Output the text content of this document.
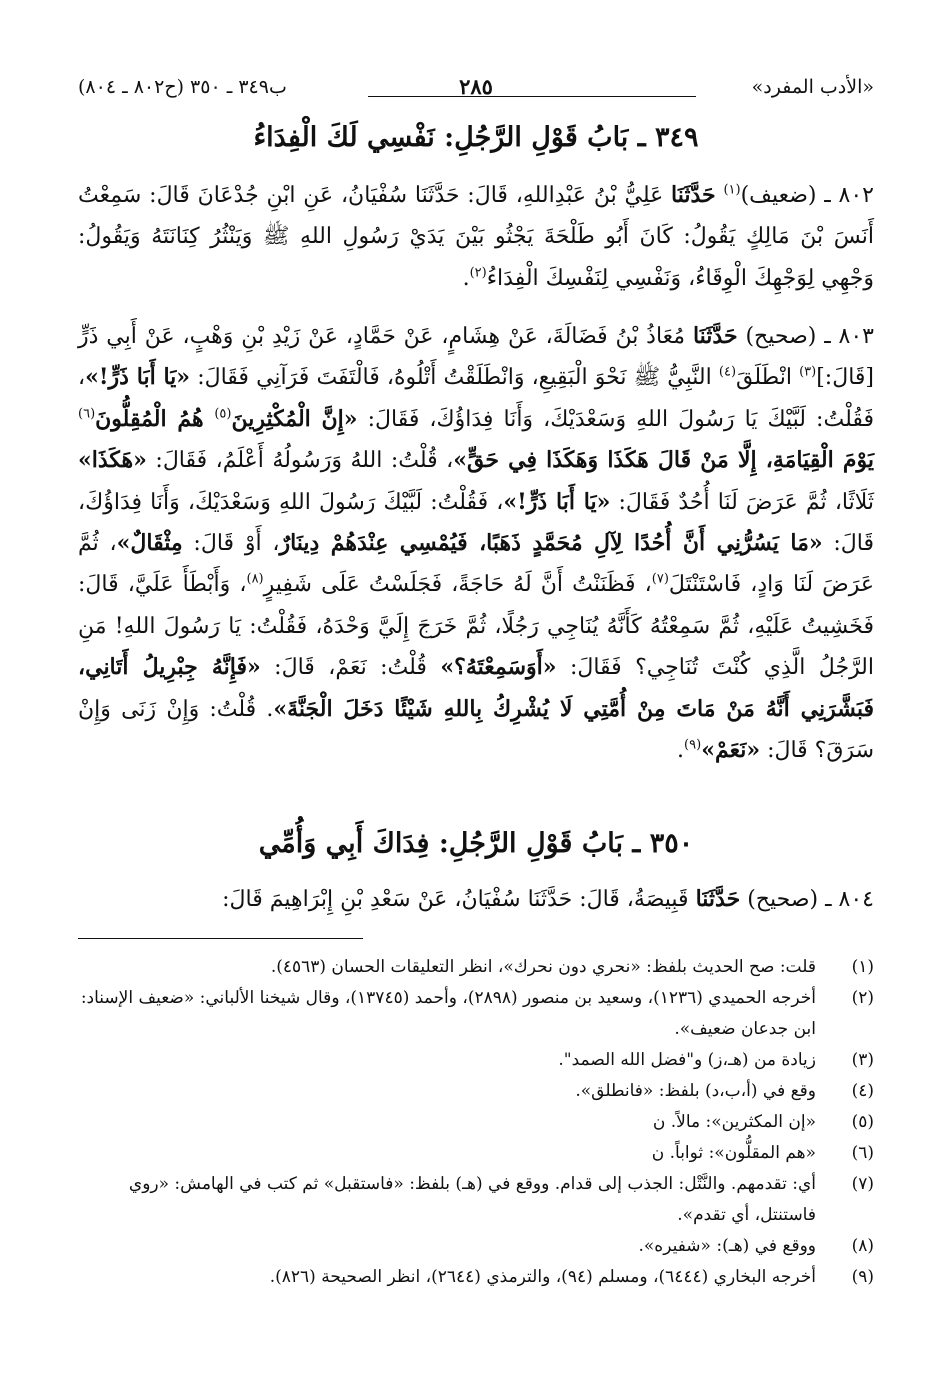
«الأدب المفرد»
٢٨٥
ب٣٤٩ ـ ٣٥٠ (ح٨٠٢ ـ ٨٠٤)
٣٤٩ ـ بَابُ قَوْلِ الرَّجُلِ: نَفْسِي لَكَ الْفِدَاءُ
٨٠٢ ـ (ضعيف)$^{(١)}$ حَدَّثَنَا عَلِيُّ بْنُ عَبْدِاللهِ، قَالَ: حَدَّثَنَا سُفْيَانُ، عَنِ ابْنِ جُدْعَانَ قَالَ: سَمِعْتُ أَنَسَ بْنَ مَالِكٍ يَقُولُ: كَانَ أَبُو طَلْحَةَ يَجْثُو بَيْنَ يَدَيْ رَسُولِ اللهِ ﷺ وَيَنْثُرُ كِنَانَتَهُ وَيَقُولُ: وَجْهِي لِوَجْهِكَ الْوِقَاءُ، وَنَفْسِي لِنَفْسِكَ الْفِدَاءُ$^{(٢)}$.
٨٠٣ ـ (صحيح) حَدَّثَنَا مُعَاذُ بْنُ فَضَالَةَ، عَنْ هِشَامٍ، عَنْ حَمَّادٍ، عَنْ زَيْدِ بْنِ وَهْبٍ، عَنْ أَبِي ذَرٍّ [قَالَ:]$^{(٣)}$ انْطَلَقَ$^{(٤)}$ النَّبِيُّ ﷺ نَحْوَ الْبَقِيعِ، وَانْطَلَقْتُ أَتْلُوهُ، فَالْتَفَتَ فَرَآنِي فَقَالَ: «يَا أَبَا ذَرٍّ!»، فَقُلْتُ: لَبَّيْكَ يَا رَسُولَ اللهِ وَسَعْدَيْكَ، وَأَنَا فِدَاؤُكَ، فَقَالَ: «إِنَّ الْمُكْثِرِينَ$^{(٥)}$ هُمُ الْمُقِلُّونَ$^{(٦)}$ يَوْمَ الْقِيَامَةِ، إِلَّا مَنْ قَالَ هَكَذَا وَهَكَذَا فِي حَقٍّ»، قُلْتُ: اللهُ وَرَسُولُهُ أَعْلَمُ، فَقَالَ: «هَكَذَا» ثَلَاثًا، ثُمَّ عَرَضَ لَنَا أُحُدٌ فَقَالَ: «يَا أَبَا ذَرٍّ!»، فَقُلْتُ: لَبَّيْكَ رَسُولَ اللهِ وَسَعْدَيْكَ، وَأَنَا فِدَاؤُكَ، قَالَ: «مَا يَسُرُّنِي أَنَّ أُحُدًا لِآلِ مُحَمَّدٍ ذَهَبًا، فَيُمْسِي عِنْدَهُمْ دِينَارٌ، أَوْ قَالَ: مِثْقَالٌ»، ثُمَّ عَرَضَ لَنَا وَادٍ، فَاسْتَنْتَلَ$^{(٧)}$، فَظَنَنْتُ أَنَّ لَهُ حَاجَةً، فَجَلَسْتُ عَلَى شَفِيرٍ$^{(٨)}$، وَأَبْطَأَ عَلَيَّ، قَالَ: فَخَشِيتُ عَلَيْهِ، ثُمَّ سَمِعْتُهُ كَأَنَّهُ يُنَاجِي رَجُلًا، ثُمَّ خَرَجَ إِلَيَّ وَحْدَهُ، فَقُلْتُ: يَا رَسُولَ اللهِ! مَنِ الرَّجُلُ الَّذِي كُنْتَ تُنَاجِي؟ فَقَالَ: «أَوَسَمِعْتَهُ؟» قُلْتُ: نَعَمْ، قَالَ: «فَإِنَّهُ جِبْرِيلُ أَتَانِي، فَبَشَّرَنِي أَنَّهُ مَنْ مَاتَ مِنْ أُمَّتِي لَا يُشْرِكُ بِاللهِ شَيْئًا دَخَلَ الْجَنَّةَ». قُلْتُ: وَإِنْ زَنَى وَإِنْ سَرَقَ؟ قَالَ: «نَعَمْ»$^{(٩)}$.
٣٥٠ ـ بَابُ قَوْلِ الرَّجُلِ: فِدَاكَ أَبِي وَأُمِّي
٨٠٤ ـ (صحيح) حَدَّثَنَا قَبِيصَةُ، قَالَ: حَدَّثَنَا سُفْيَانُ، عَنْ سَعْدِ بْنِ إِبْرَاهِيمَ قَالَ:
(١)
قلت: صح الحديث بلفظ: «نحري دون نحرك»، انظر التعليقات الحسان (٤٥٦٣).
(٢)
أخرجه الحميدي (١٢٣٦)، وسعيد بن منصور (٢٨٩٨)، وأحمد (١٣٧٤٥)، وقال شيخنا الألباني: «ضعيف الإسناد: ابن جدعان ضعيف».
(٣)
زيادة من (هـ،ز) و"فضل الله الصمد".
(٤)
وقع في (أ،ب،د) بلفظ: «فانطلق».
(٥)
«إن المكثرين»: مالاً. ن
(٦)
«هم المقلُّون»: ثواباً. ن
(٧)
أي: تقدمهم. والنَّتْل: الجذب إلى قدام. ووقع في (هـ) بلفظ: «فاستقبل» ثم كتب في الهامش: «روي فاستنتل، أي تقدم».
(٨)
ووقع في (هـ): «شفيره».
(٩)
أخرجه البخاري (٦٤٤٤)، ومسلم (٩٤)، والترمذي (٢٦٤٤)، انظر الصحيحة (٨٢٦).
